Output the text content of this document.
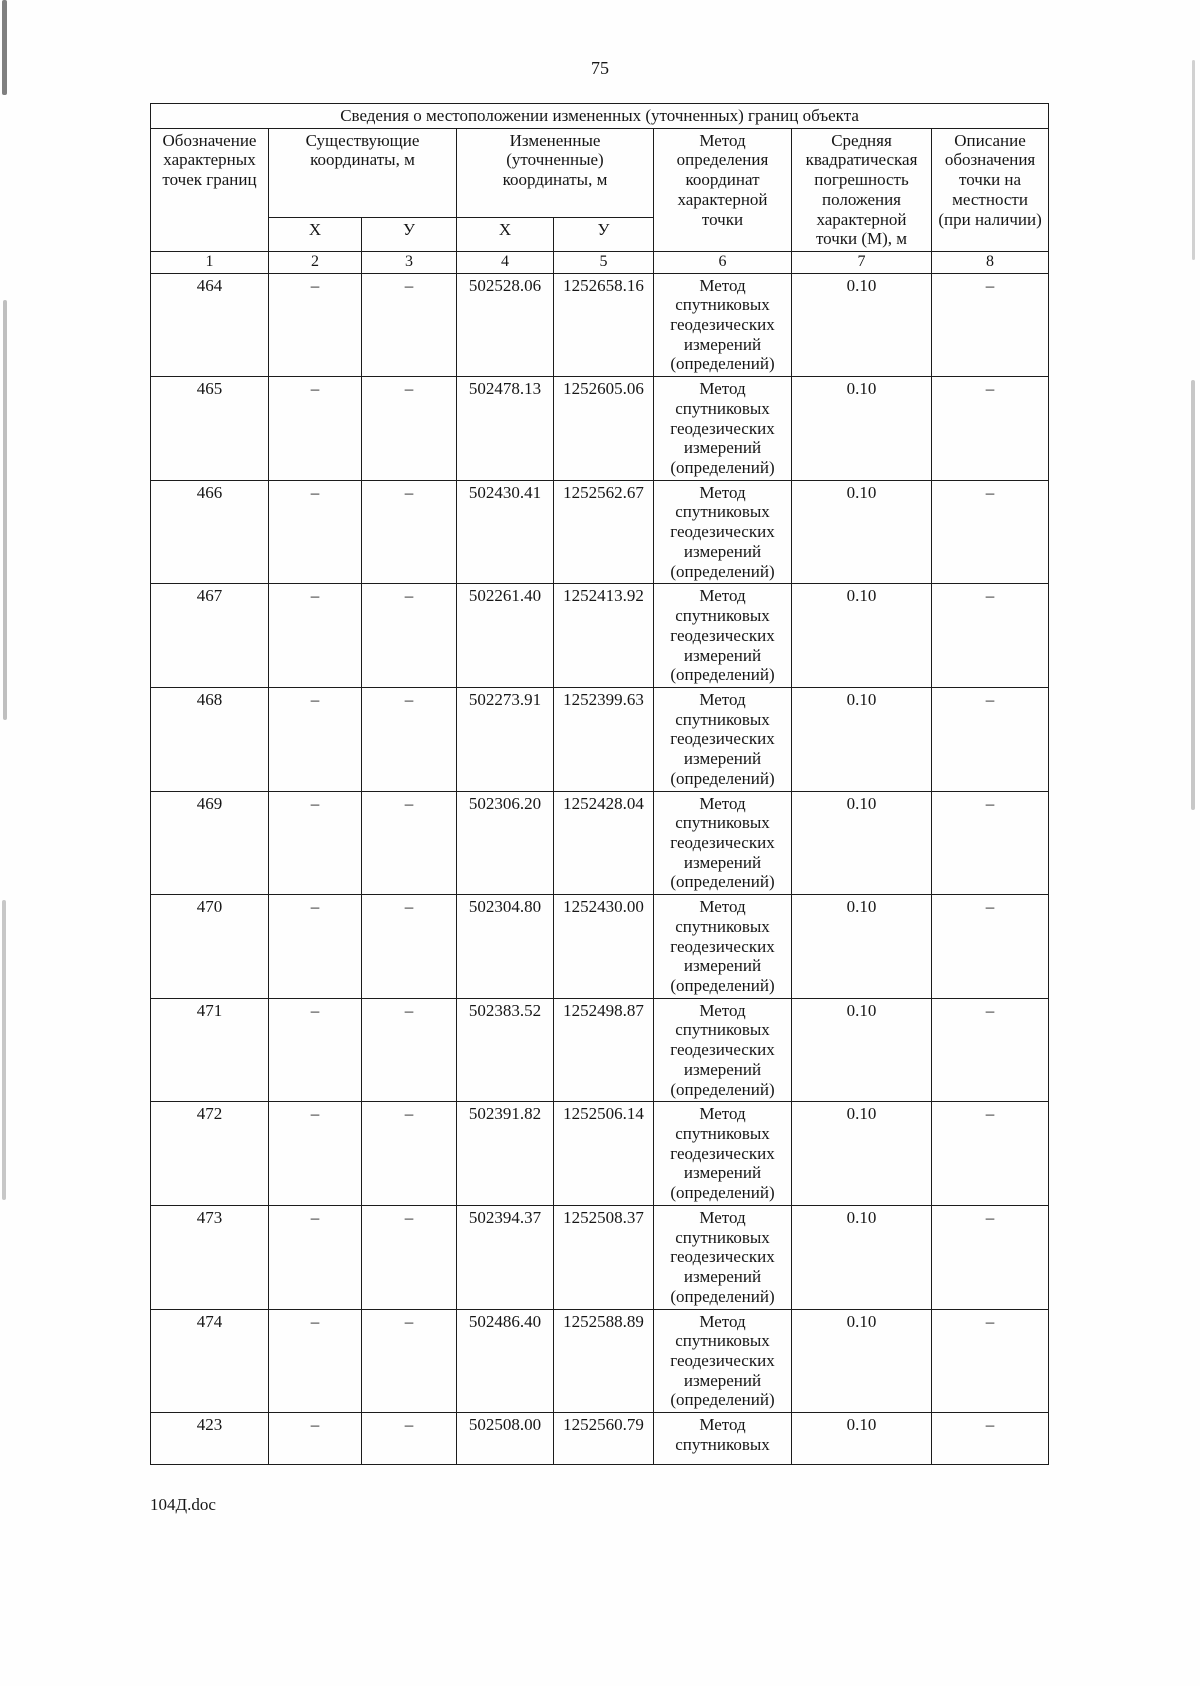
75
Сведения о местоположении измененных (уточненных) границ объекта							
Обозначение характерных точек границ	Существующие координаты, м		Измененные (уточненные) координаты, м		Метод определения координат характерной точки	Средняя квадратическая погрешность положения характерной точки (М), м	Описание обозначения точки на местности (при наличии)
	X	У	X	У			
1	2	3	4	5	6	7	8
464	–	–	502528.06	1252658.16	Метод спутниковых геодезических измерений (определений)	0.10	–
465	–	–	502478.13	1252605.06	Метод спутниковых геодезических измерений (определений)	0.10	–
466	–	–	502430.41	1252562.67	Метод спутниковых геодезических измерений (определений)	0.10	–
467	–	–	502261.40	1252413.92	Метод спутниковых геодезических измерений (определений)	0.10	–
468	–	–	502273.91	1252399.63	Метод спутниковых геодезических измерений (определений)	0.10	–
469	–	–	502306.20	1252428.04	Метод спутниковых геодезических измерений (определений)	0.10	–
470	–	–	502304.80	1252430.00	Метод спутниковых геодезических измерений (определений)	0.10	–
471	–	–	502383.52	1252498.87	Метод спутниковых геодезических измерений (определений)	0.10	–
472	–	–	502391.82	1252506.14	Метод спутниковых геодезических измерений (определений)	0.10	–
473	–	–	502394.37	1252508.37	Метод спутниковых геодезических измерений (определений)	0.10	–
474	–	–	502486.40	1252588.89	Метод спутниковых геодезических измерений (определений)	0.10	–
423	–	–	502508.00	1252560.79	Метод спутниковых	0.10	–
104Д.doc
